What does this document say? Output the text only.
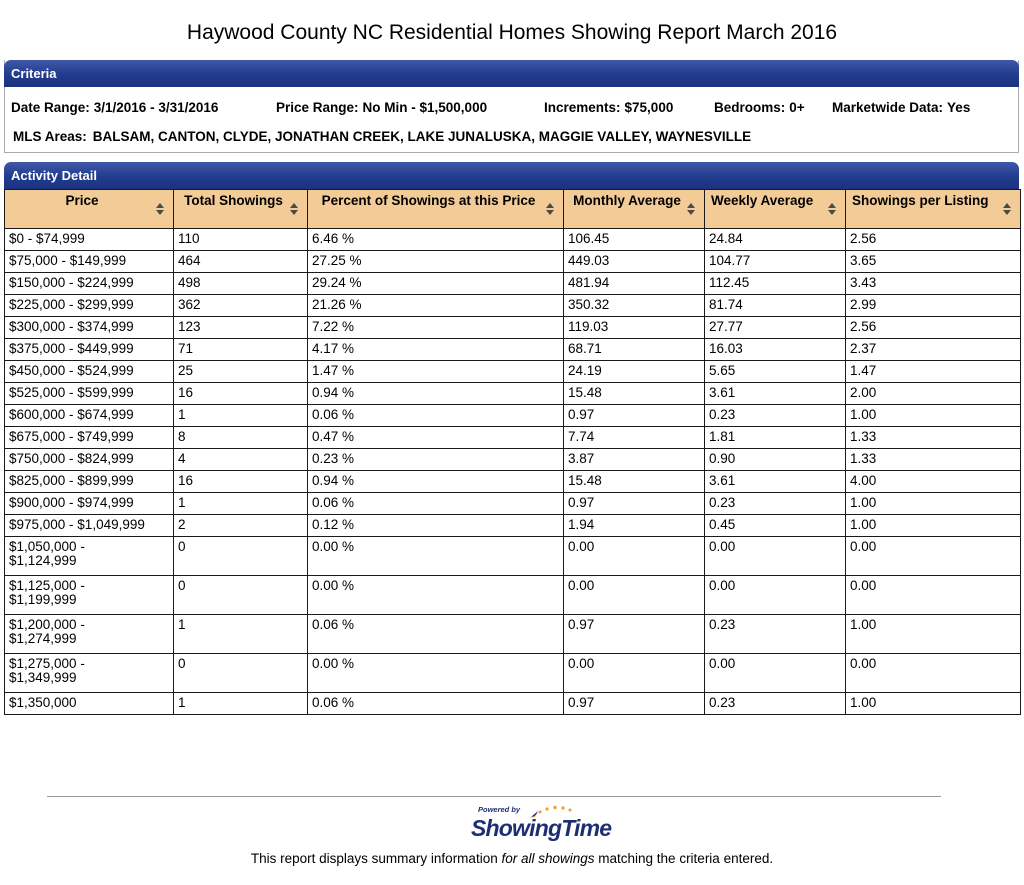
Haywood County NC Residential Homes Showing Report March 2016
Criteria
Date Range: 3/1/2016 - 3/31/2016	Price Range: No Min - $1,500,000	Increments: $75,000	Bedrooms: 0+ Marketwide Data: Yes
MLS Areas: BALSAM, CANTON, CLYDE, JONATHAN CREEK, LAKE JUNALUSKA, MAGGIE VALLEY, WAYNESVILLE
Activity Detail
Price	Total Showings	Percent of Showings at this Price	Monthly Average	Weekly Average	Showings per Listing

$0 - $74,999	110	6.46 %	106.45	24.84	2.56
$75,000 - $149,999	464	27.25 %	449.03	104.77	3.65
$150,000 - $224,999	498	29.24 %	481.94	112.45	3.43
$225,000 - $299,999	362	21.26 %	350.32	81.74	2.99
$300,000 - $374,999	123	7.22 %	119.03	27.77	2.56
$375,000 - $449,999	71	4.17 %	68.71	16.03	2.37
$450,000 - $524,999	25	1.47 %	24.19	5.65	1.47
$525,000 - $599,999	16	0.94 %	15.48	3.61	2.00
$600,000 - $674,999	1	0.06 %	0.97	0.23	1.00
$675,000 - $749,999	8	0.47 %	7.74	1.81	1.33
$750,000 - $824,999	4	0.23 %	3.87	0.90	1.33
$825,000 - $899,999	16	0.94 %	15.48	3.61	4.00
$900,000 - $974,999	1	0.06 %	0.97	0.23	1.00
$975,000 - $1,049,999	2	0.12 %	1.94	0.45	1.00
$1,050,000 - $1,124,999	0	0.00 %	0.00	0.00	0.00
$1,125,000 - $1,199,999	0	0.00 %	0.00	0.00	0.00
$1,200,000 - $1,274,999	1	0.06 %	0.97	0.23	1.00
$1,275,000 - $1,349,999	0	0.00 %	0.00	0.00	0.00
$1,350,000	1	0.06 %	0.97	0.23	1.00
Powered by
ShowingTime
This report displays summary information for all showings matching the criteria entered.
